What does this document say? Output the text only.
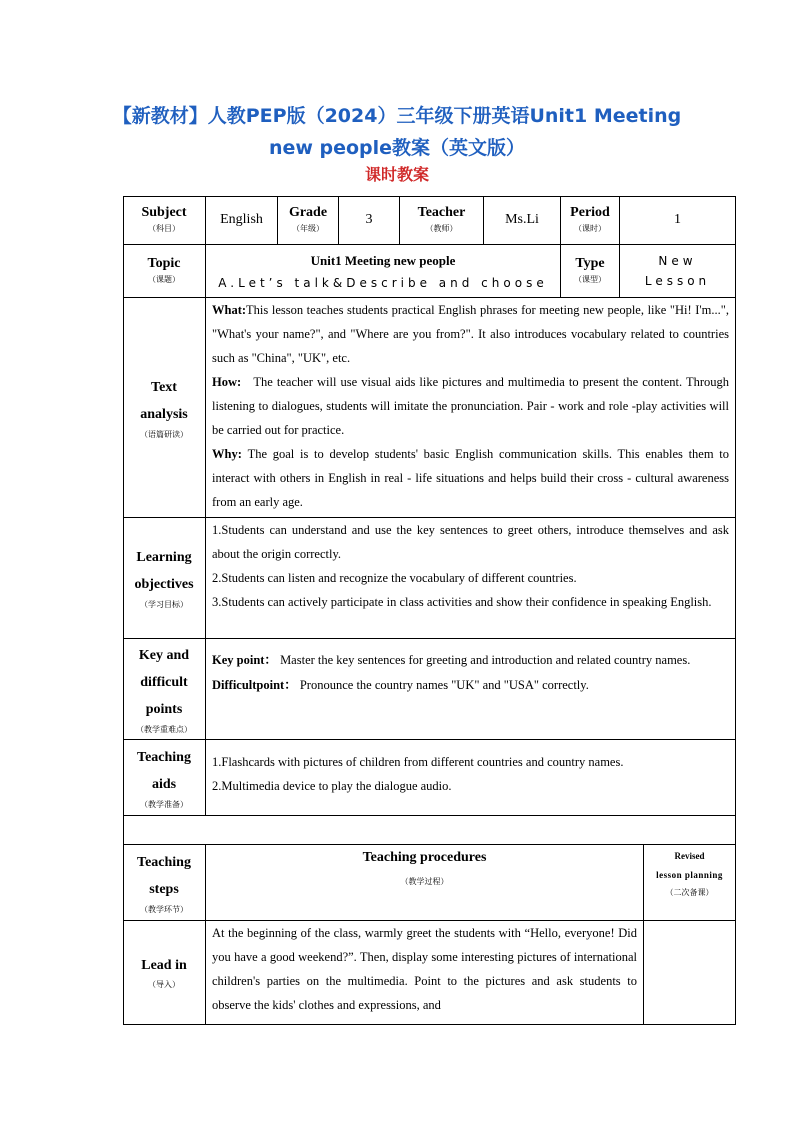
【新教材】人教PEP版（2024）三年级下册英语Unit1 Meeting new people教案（英文版）
课时教案
Subject
（科目）
English Grade
（年级）
3	Teacher
（教师）
Ms.Li Period
（课时）
1
Topic
（课题）
Unit1 Meeting new people
A.Let’s talk&Describe and choose
Type
（课型）
New
Lesson
Text
analysis
（语篇研读）
What:This lesson teaches students practical English phrases for meeting new people, like "Hi! I'm...", "What's your name?", and "Where are you from?". It also introduces vocabulary related to countries such as "China", "UK", etc.
How: The teacher will use visual aids like pictures and multimedia to present the content. Through listening to dialogues, students will imitate the pronunciation. Pair - work and role -play activities will be carried out for practice.
Why: The goal is to develop students' basic English communication skills. This enables them to interact with others in English in real - life situations and helps build their cross - cultural awareness from an early age.
Learning
objectives
（学习目标）
1.Students can understand and use the key sentences to greet others, introduce themselves and ask about the origin correctly.
2.Students can listen and recognize the vocabulary of different countries.
3.Students can actively participate in class activities and show their confidence in speaking English.
Key and
difficult
points
（教学重难点）
Key point： Master the key sentences for greeting and introduction and related country names.
Difficultpoint： Pronounce the country names "UK" and "USA" correctly.
Teaching
aids
（教学准备）
1.Flashcards with pictures of children from different countries and country names.
2.Multimedia device to play the dialogue audio.
Teaching
steps
（教学环节）
Teaching procedures
（教学过程）
Revised
lesson planning
（二次备课）
Lead in
（导入）
At the beginning of the class, warmly greet the students with “Hello, everyone! Did you have a good weekend?”. Then, display some interesting pictures of international children's parties on the multimedia. Point to the pictures and ask students to observe the kids' clothes and expressions, and
